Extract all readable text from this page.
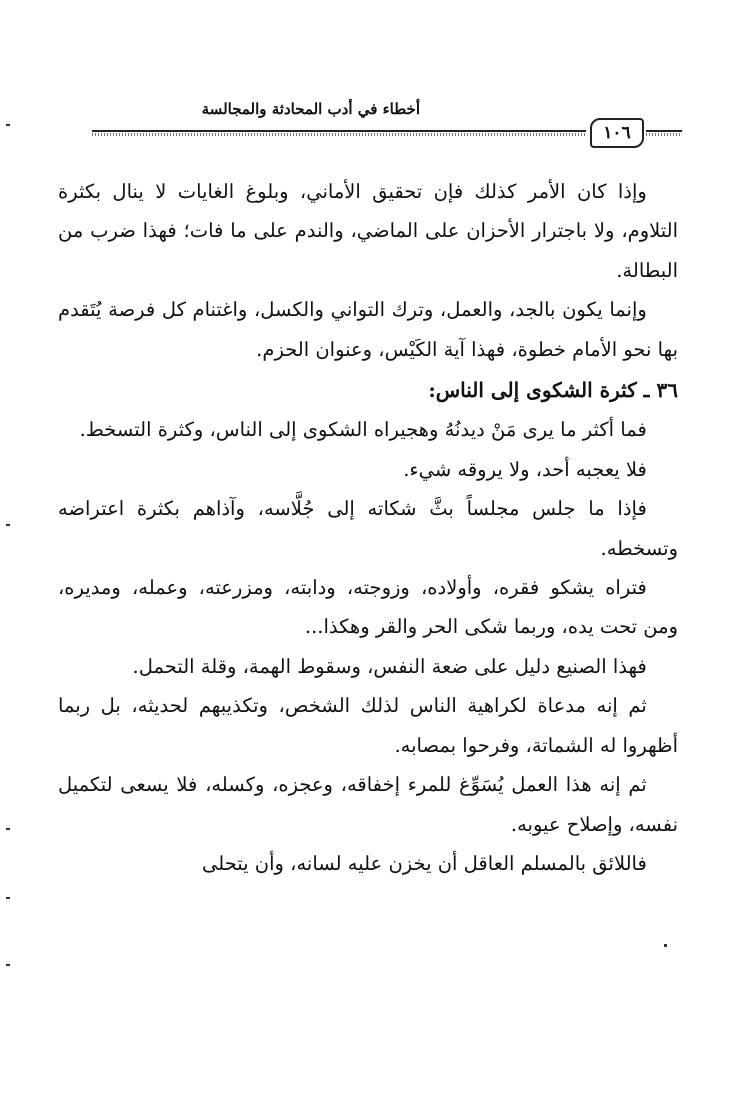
أخطاء في أدب المحادثة والمجالسة
١٠٦

وإذا كان الأمر كذلك فإن تحقيق الأماني، وبلوغ الغايات لا ينال بكثرة التلاوم، ولا باجترار الأحزان على الماضي، والندم على ما فات؛ فهذا ضرب من البطالة.

وإنما يكون بالجد، والعمل، وترك التواني والكسل، واغتنام كل فرصة يُتَقدم بها نحو الأمام خطوة، فهذا آية الكَيْس، وعنوان الحزم.

٣٦ ـ كثرة الشكوى إلى الناس:

فما أكثر ما يرى مَنْ ديدنُهُ وهجيراه الشكوى إلى الناس، وكثرة التسخط.

فلا يعجبه أحد، ولا يروقه شيء.

فإذا ما جلس مجلساً بثَّ شكاته إلى جُلَّاسه، وآذاهم بكثرة اعتراضه وتسخطه.

فتراه يشكو فقره، وأولاده، وزوجته، ودابته، ومزرعته، وعمله، ومديره، ومن تحت يده، وربما شكى الحر والقر وهكذا...

فهذا الصنيع دليل على ضعة النفس، وسقوط الهمة، وقلة التحمل.

ثم إنه مدعاة لكراهية الناس لذلك الشخص، وتكذيبهم لحديثه، بل ربما أظهروا له الشماتة، وفرحوا بمصابه.

ثم إنه هذا العمل يُسَوِّغ للمرء إخفاقه، وعجزه، وكسله، فلا يسعى لتكميل نفسه، وإصلاح عيوبه.

فاللائق بالمسلم العاقل أن يخزن عليه لسانه، وأن يتحلى
